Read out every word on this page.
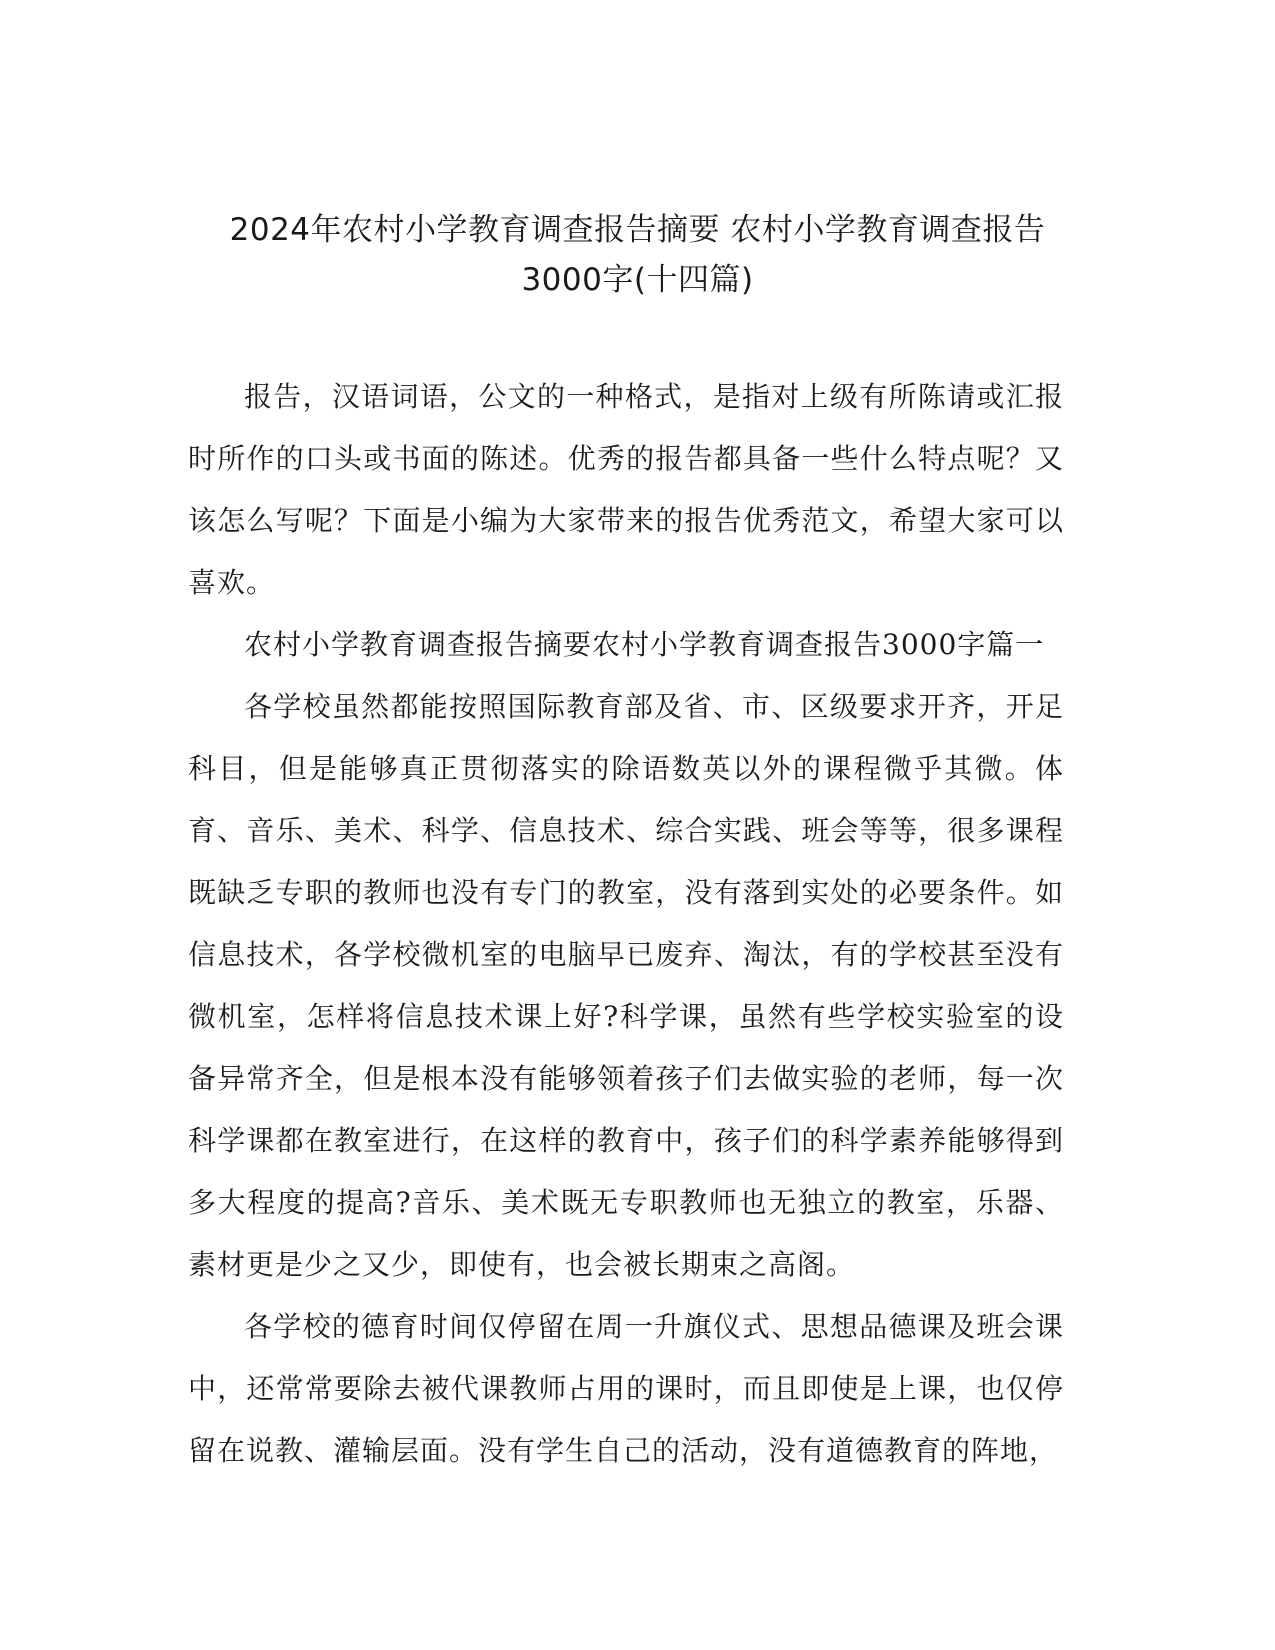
2024年农村小学教育调查报告摘要 农村小学教育调查报告
3000字(十四篇)

报告，汉语词语，公文的一种格式，是指对上级有所陈请或汇报时所作的口头或书面的陈述。优秀的报告都具备一些什么特点呢？又该怎么写呢？下面是小编为大家带来的报告优秀范文，希望大家可以喜欢。

农村小学教育调查报告摘要农村小学教育调查报告3000字篇一

各学校虽然都能按照国际教育部及省、市、区级要求开齐，开足科目，但是能够真正贯彻落实的除语数英以外的课程微乎其微。体育、音乐、美术、科学、信息技术、综合实践、班会等等，很多课程既缺乏专职的教师也没有专门的教室，没有落到实处的必要条件。如信息技术，各学校微机室的电脑早已废弃、淘汰，有的学校甚至没有微机室，怎样将信息技术课上好?科学课，虽然有些学校实验室的设备异常齐全，但是根本没有能够领着孩子们去做实验的老师，每一次科学课都在教室进行，在这样的教育中，孩子们的科学素养能够得到多大程度的提高?音乐、美术既无专职教师也无独立的教室，乐器、素材更是少之又少，即使有，也会被长期束之高阁。

各学校的德育时间仅停留在周一升旗仪式、思想品德课及班会课中，还常常要除去被代课教师占用的课时，而且即使是上课，也仅停留在说教、灌输层面。没有学生自己的活动，没有道德教育的阵地，
